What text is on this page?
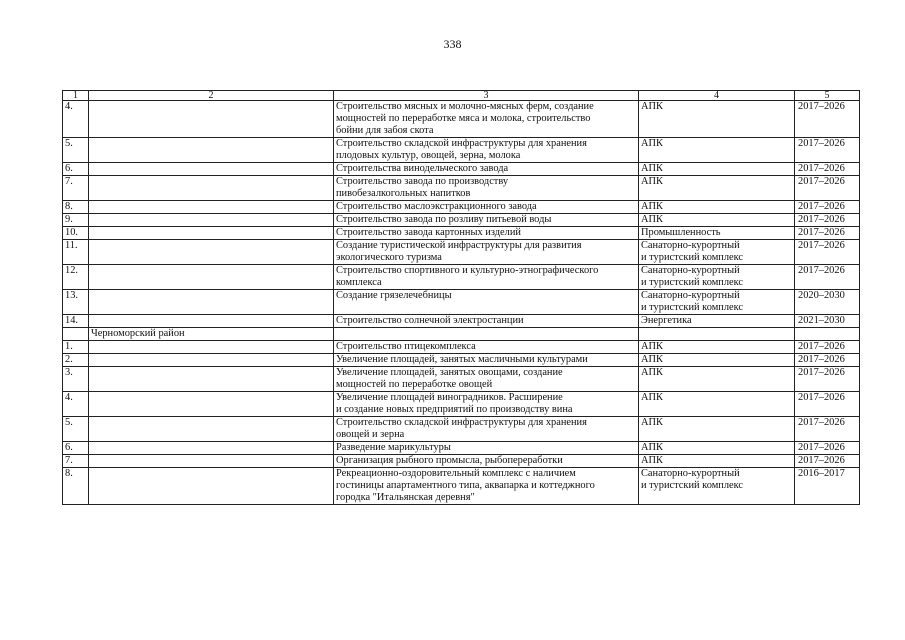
338
1	2	3	4	5
4.		Строительство мясных и молочно-мясных ферм, создание
мощностей по переработке мяса и молока, строительство
бойни для забоя скота	АПК	2017–2026
5.		Строительство складской инфраструктуры для хранения
плодовых культур, овощей, зерна, молока	АПК	2017–2026
6.		Строительства винодельческого завода	АПК	2017–2026
7.		Строительство завода по производству
пивобезалкогольных напитков	АПК	2017–2026
8.		Строительство маслоэкстракционного завода	АПК	2017–2026
9.		Строительство завода по розливу питьевой воды	АПК	2017–2026
10.		Строительство завода картонных изделий	Промышленность	2017–2026
11.		Создание туристической инфраструктуры для развития
экологического туризма	Санаторно-курортный
и туристский комплекс	2017–2026
12.		Строительство спортивного и культурно-этнографического
комплекса	Санаторно-курортный
и туристский комплекс	2017–2026
13.		Создание грязелечебницы	Санаторно-курортный
и туристский комплекс	2020–2030
14.		Строительство солнечной электростанции	Энергетика	2021–2030
	Черноморский район			
1.		Строительство птицекомплекса	АПК	2017–2026
2.		Увеличение площадей, занятых масличными культурами	АПК	2017–2026
3.		Увеличение площадей, занятых овощами, создание
мощностей по переработке овощей	АПК	2017–2026
4.		Увеличение площадей виноградников. Расширение
и создание новых предприятий по производству вина	АПК	2017–2026
5.		Строительство складской инфраструктуры для хранения
овощей и зерна	АПК	2017–2026
6.		Разведение марикультуры	АПК	2017–2026
7.		Организация рыбного промысла, рыбопереработки	АПК	2017–2026
8.		Рекреационно-оздоровительный комплекс с наличием
гостиницы апартаментного типа, аквапарка и коттеджного
городка "Итальянская деревня"	Санаторно-курортный
и туристский комплекс	2016–2017
